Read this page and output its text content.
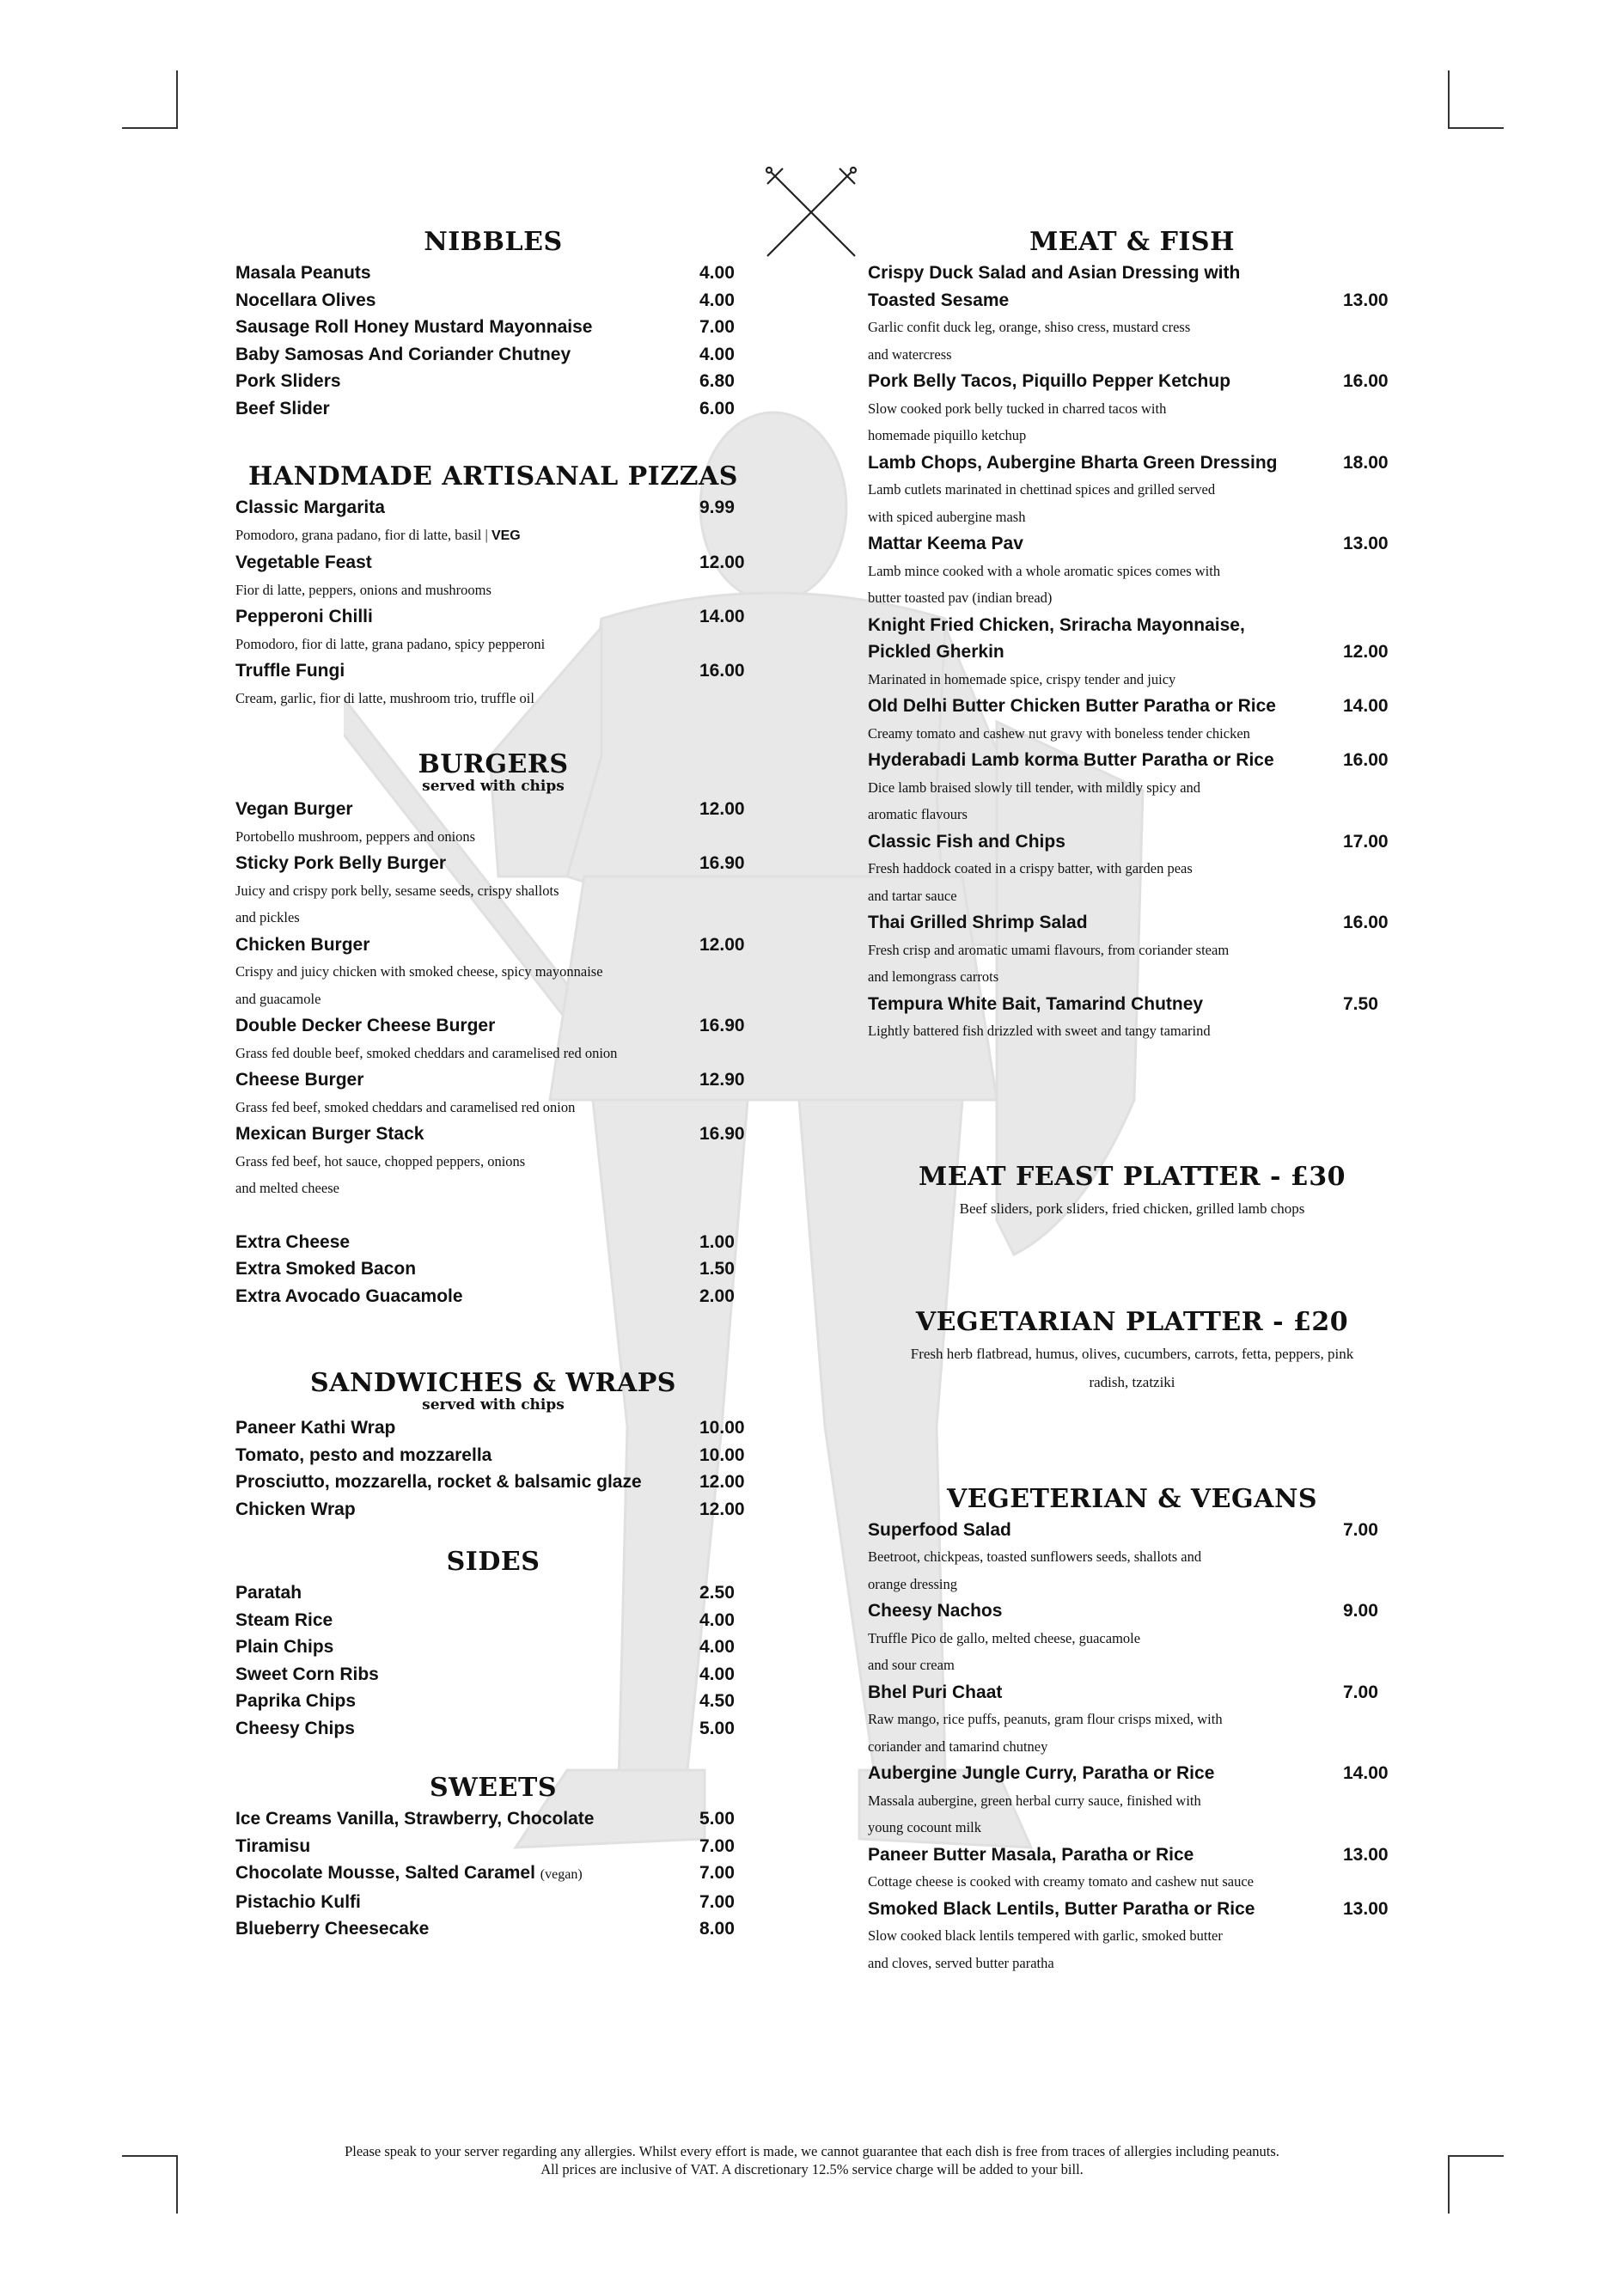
NIBBLES
Masala Peanuts	4.00
Nocellara Olives	4.00
Sausage Roll Honey Mustard Mayonnaise	7.00
Baby Samosas And Coriander Chutney	4.00
Pork Sliders	6.80
Beef Slider	6.00
HANDMADE ARTISANAL PIZZAS
Classic Margarita	9.99
Pomodoro, grana padano, fior di latte, basil | VEG
Vegetable Feast	12.00
Fior di latte, peppers, onions and mushrooms
Pepperoni Chilli	14.00
Pomodoro, fior di latte, grana padano, spicy pepperoni
Truffle Fungi	16.00
Cream, garlic, fior di latte, mushroom trio, truffle oil
BURGERS
served with chips
Vegan Burger	12.00
Portobello mushroom, peppers and onions
Sticky Pork Belly Burger	16.90
Juicy and crispy pork belly, sesame seeds, crispy shallots
and pickles
Chicken Burger	12.00
Crispy and juicy chicken with smoked cheese, spicy mayonnaise
and guacamole
Double Decker Cheese Burger	16.90
Grass fed double beef, smoked cheddars and caramelised red onion
Cheese Burger	12.90
Grass fed beef, smoked cheddars and caramelised red onion
Mexican Burger Stack	16.90
Grass fed beef, hot sauce, chopped peppers, onions
and melted cheese
Extra Cheese	1.00
Extra Smoked Bacon	1.50
Extra Avocado Guacamole	2.00
SANDWICHES & WRAPS
served with chips
Paneer Kathi Wrap	10.00
Tomato, pesto and mozzarella	10.00
Prosciutto, mozzarella, rocket & balsamic glaze	12.00
Chicken Wrap	12.00
SIDES
Paratah	2.50
Steam Rice	4.00
Plain Chips	4.00
Sweet Corn Ribs	4.00
Paprika Chips	4.50
Cheesy Chips	5.00
SWEETS
Ice Creams Vanilla, Strawberry, Chocolate	5.00
Tiramisu	7.00
Chocolate Mousse, Salted Caramel (vegan)	7.00
Pistachio Kulfi	7.00
Blueberry Cheesecake	8.00
MEAT & FISH
Crispy Duck Salad and Asian Dressing with
Toasted Sesame	13.00
Garlic confit duck leg, orange, shiso cress, mustard cress
and watercress
Pork Belly Tacos, Piquillo Pepper Ketchup	16.00
Slow cooked pork belly tucked in charred tacos with
homemade piquillo ketchup
Lamb Chops, Aubergine Bharta Green Dressing	18.00
Lamb cutlets marinated in chettinad spices and grilled served
with spiced aubergine mash
Mattar Keema Pav	13.00
Lamb mince cooked with a whole aromatic spices comes with
butter toasted pav (indian bread)
Knight Fried Chicken, Sriracha Mayonnaise,
Pickled Gherkin	12.00
Marinated in homemade spice, crispy tender and juicy
Old Delhi Butter Chicken Butter Paratha or Rice	14.00
Creamy tomato and cashew nut gravy with boneless tender chicken
Hyderabadi Lamb korma Butter Paratha or Rice	16.00
Dice lamb braised slowly till tender, with mildly spicy and
aromatic flavours
Classic Fish and Chips	17.00
Fresh haddock coated in a crispy batter, with garden peas
and tartar sauce
Thai Grilled Shrimp Salad	16.00
Fresh crisp and aromatic umami flavours, from coriander steam
and lemongrass carrots
Tempura White Bait, Tamarind Chutney	7.50
Lightly battered fish drizzled with sweet and tangy tamarind
MEAT FEAST PLATTER - £30
Beef sliders, pork sliders, fried chicken, grilled lamb chops
VEGETARIAN PLATTER - £20
Fresh herb flatbread, humus, olives, cucumbers, carrots, fetta, peppers, pink
radish, tzatziki
VEGETERIAN & VEGANS
Superfood Salad	7.00
Beetroot, chickpeas, toasted sunflowers seeds, shallots and
orange dressing
Cheesy Nachos	9.00
Truffle Pico de gallo, melted cheese, guacamole
and sour cream
Bhel Puri Chaat	7.00
Raw mango, rice puffs, peanuts, gram flour crisps mixed, with
coriander and tamarind chutney
Aubergine Jungle Curry, Paratha or Rice	14.00
Massala aubergine, green herbal curry sauce, finished with
young cocount milk
Paneer Butter Masala, Paratha or Rice	13.00
Cottage cheese is cooked with creamy tomato and cashew nut sauce
Smoked Black Lentils, Butter Paratha or Rice	13.00
Slow cooked black lentils tempered with garlic, smoked butter
and cloves, served butter paratha
Please speak to your server regarding any allergies. Whilst every effort is made, we cannot guarantee that each dish is free from traces of allergies including peanuts.
All prices are inclusive of VAT. A discretionary 12.5% service charge will be added to your bill.
